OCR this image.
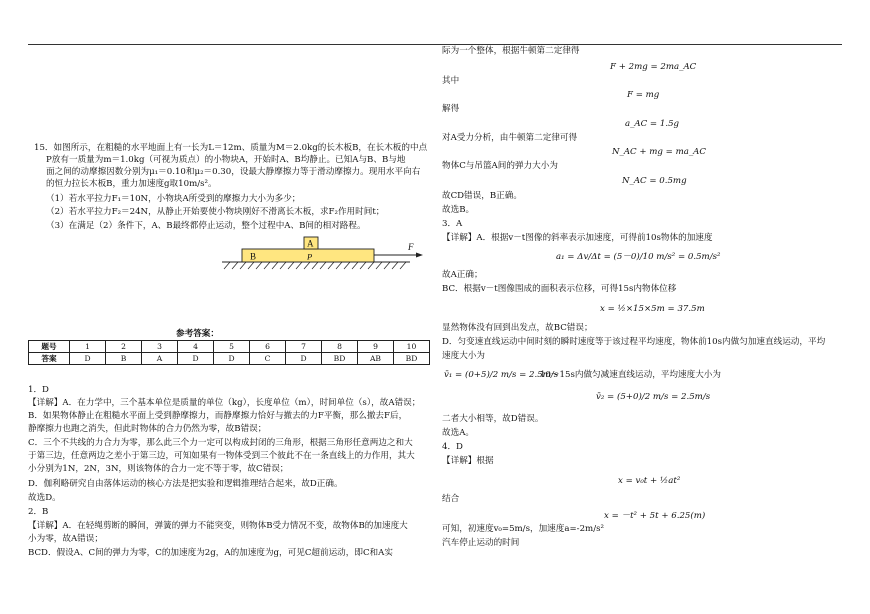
15．如图所示，在粗糙的水平地面上有一长为L＝12m、质量为M＝2.0kg的长木板B，在长木板的中点
P放有一质量为m＝1.0kg（可视为质点）的小物块A，开始时A、B均静止。已知A与B、B与地
面之间的动摩擦因数分别为μ₁＝0.10和μ₂＝0.30，设最大静摩擦力等于滑动摩擦力。现用水平向右
的恒力拉长木板B，重力加速度g取10m/s²。
（1）若水平拉力F₁＝10N，小物块A所受到的摩擦力大小为多少；
（2）若水平拉力F₂＝24N，从静止开始要使小物块刚好不滑离长木板，求F₂作用时间t；
（3）在满足（2）条件下，A、B最终都停止运动，整个过程中A、B间的相对路程。
A
B	P
F
参考答案：
题号	1	2	3	4	5	6	7	8	9	10
答案	D	B	A	D	D	C	D	BD	AB	BD
1．D
【详解】A．在力学中，三个基本单位是质量的单位（kg），长度单位（m），时间单位（s），故A错误；
B．如果物体静止在粗糙水平面上受到静摩擦力，而静摩擦力恰好与撤去的力F平衡，那么撤去F后，
静摩擦力也跑之消失，但此时物体的合力仍然为零，故B错误；
C．三个不共线的力合力为零，那么此三个力一定可以构成封闭的三角形，根据三角形任意两边之和大
于第三边，任意两边之差小于第三边，可知如果有一物体受到三个彼此不在一条直线上的力作用，其大
小分别为1N，2N，3N，则该物体的合力一定不等于零，故C错误；
D．伽利略研究自由落体运动的核心方法是把实验和逻辑推理结合起来，故D正确。
故选D。
2．B
【详解】A．在轻绳剪断的瞬间，弹簧的弹力不能突变，则物体B受力情况不变，故物体B的加速度大
小为零，故A错误；
BCD．假设A、C间的弹力为零，C的加速度为2g，A的加速度为g，可见C超前运动，即C和A实
际为一个整体，根据牛顿第二定律得
F + 2mg = 2ma_AC
其中
F = mg
解得
a_AC = 1.5g
对A受力分析，由牛顿第二定律可得
N_AC + mg = ma_AC
物体C与吊篮A间的弹力大小为
N_AC = 0.5mg
故CD错误，B正确。
故选B。
3．A
【详解】A．根据v－t图像的斜率表示加速度，可得前10s物体的加速度
a₁ = Δv/Δt = (5－0)/10 m/s² = 0.5m/s²
故A正确；
BC．根据v－t图像围成的面积表示位移，可得15s内物体位移
x = ½×15×5m = 37.5m
显然物体没有回到出发点，故BC错误；
D．匀变速直线运动中间时刻的瞬时速度等于该过程平均速度，物体前10s内做匀加速直线运动，平均
速度大小为
v̄₁ = (0+5)/2 m/s = 2.5m/s
10～15s内做匀减速直线运动，平均速度大小为
v̄₂ = (5+0)/2 m/s = 2.5m/s
二者大小相等，故D错误。
故选A。
4．D
【详解】根据
x = v₀t + ½at²
结合
x = －t² + 5t + 6.25(m)
可知，初速度v₀=5m/s，加速度a=-2m/s²
汽车停止运动的时间
